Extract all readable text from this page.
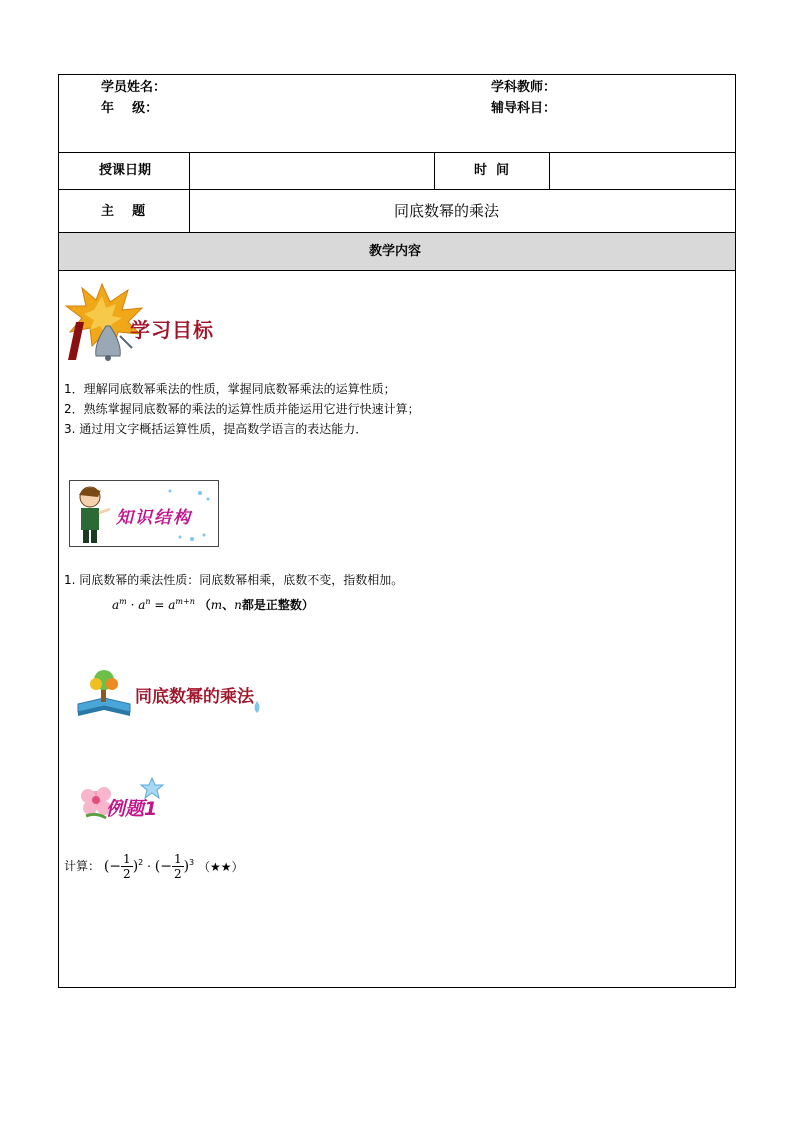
学员姓名：
年    级：
学科教师：
辅导科目：
授课日期	时  间
主    题	同底数幂的乘法
教学内容
学习目标
1．理解同底数幂乘法的性质，掌握同底数幂乘法的运算性质；
2．熟练掌握同底数幂的乘法的运算性质并能运用它进行快速计算；
3. 通过用文字概括运算性质，提高数学语言的表达能力．
知识结构
1. 同底数幂的乘法性质：同底数幂相乘，底数不变，指数相加。
$a^m \cdot a^n = a^{m+n}$ （m、n都是正整数）
同底数幂的乘法
例题1
计算： (− $\frac{1}{2} )^2$ · (− $\frac{1}{2} )^3$ （★★）
